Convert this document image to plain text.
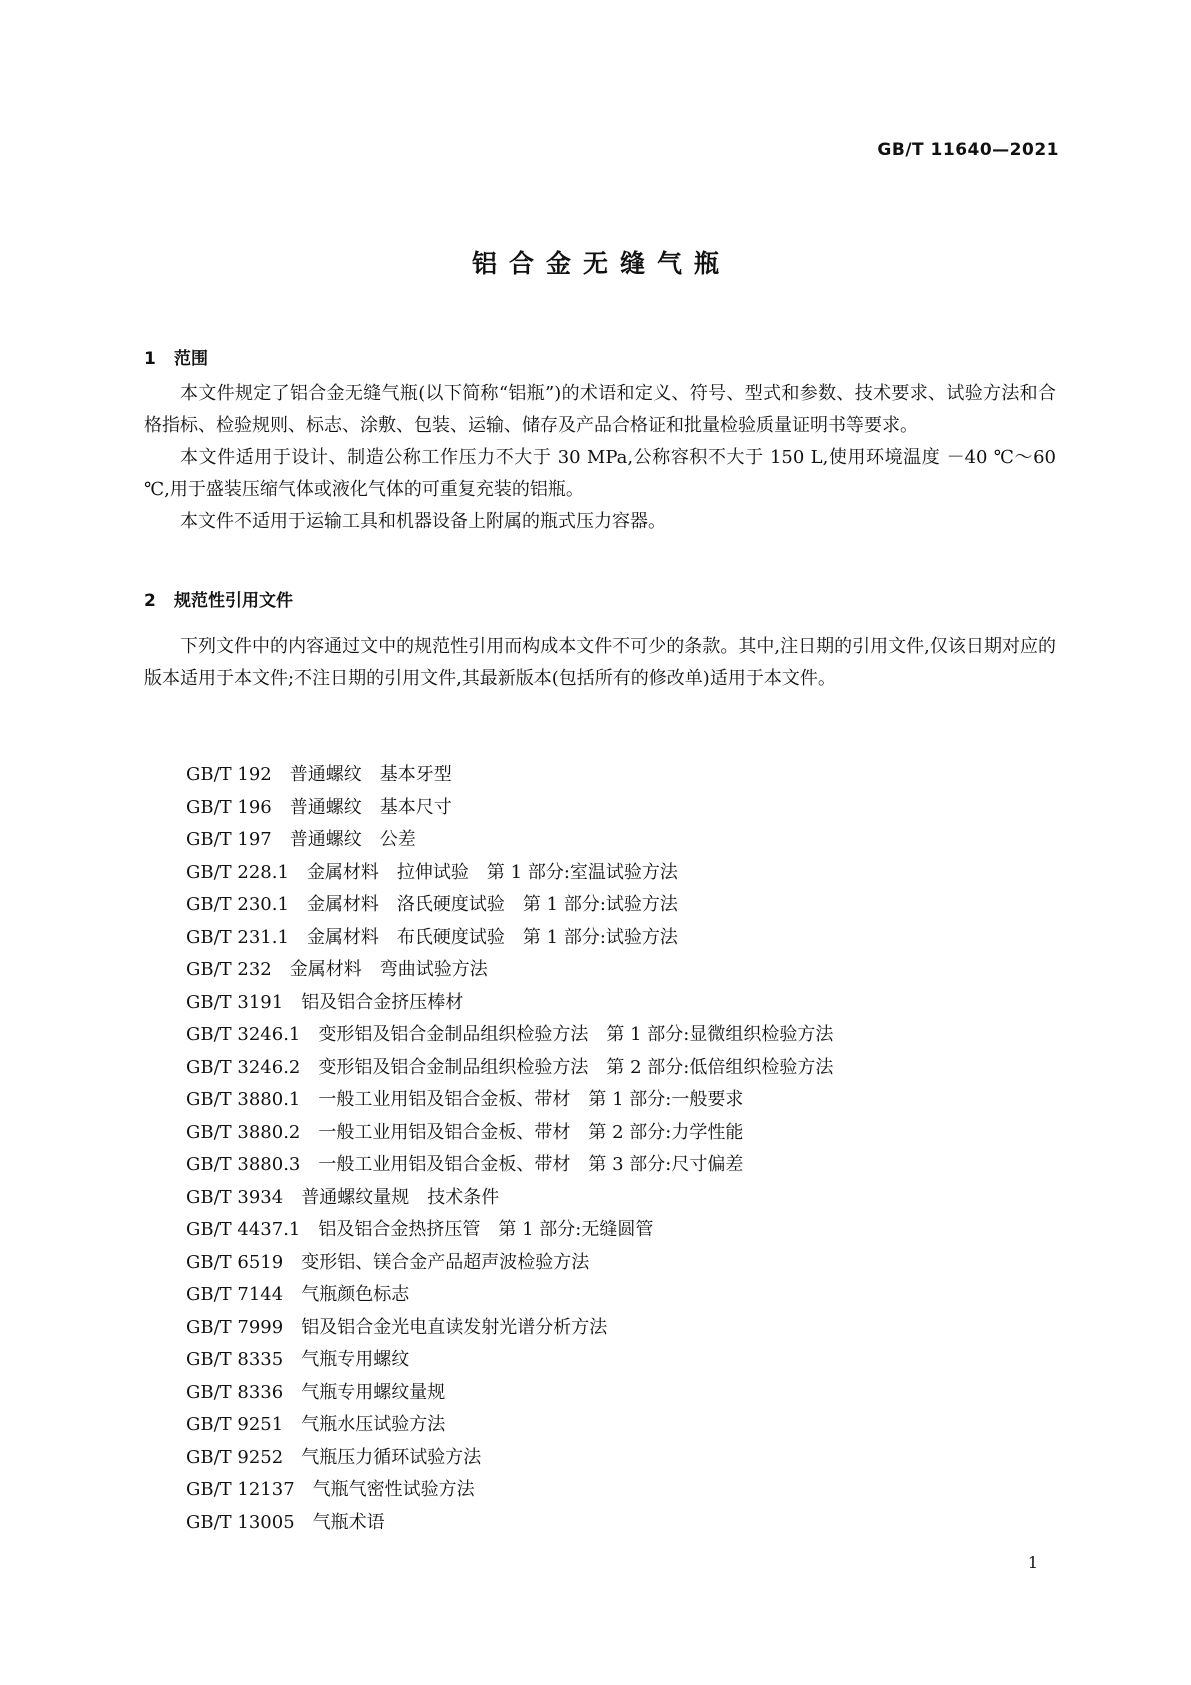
GB/T 11640—2021
铝合金无缝气瓶
1 范围

本文件规定了铝合金无缝气瓶(以下简称“铝瓶”)的术语和定义、符号、型式和参数、技术要求、试验方法和合格指标、检验规则、标志、涂敷、包装、运输、储存及产品合格证和批量检验质量证明书等要求。

本文件适用于设计、制造公称工作压力不大于 30 MPa,公称容积不大于 150 L,使用环境温度 －40 ℃～60 ℃,用于盛装压缩气体或液化气体的可重复充装的铝瓶。

本文件不适用于运输工具和机器设备上附属的瓶式压力容器。

2 规范性引用文件

下列文件中的内容通过文中的规范性引用而构成本文件不可少的条款。其中,注日期的引用文件,仅该日期对应的版本适用于本文件;不注日期的引用文件,其最新版本(包括所有的修改单)适用于本文件。

GB/T 192 普通螺纹　基本牙型
GB/T 196 普通螺纹　基本尺寸
GB/T 197 普通螺纹　公差
GB/T 228.1 金属材料　拉伸试验　第 1 部分:室温试验方法
GB/T 230.1 金属材料　洛氏硬度试验　第 1 部分:试验方法
GB/T 231.1 金属材料　布氏硬度试验　第 1 部分:试验方法
GB/T 232 金属材料　弯曲试验方法
GB/T 3191 铝及铝合金挤压棒材
GB/T 3246.1 变形铝及铝合金制品组织检验方法　第 1 部分:显微组织检验方法
GB/T 3246.2 变形铝及铝合金制品组织检验方法　第 2 部分:低倍组织检验方法
GB/T 3880.1 一般工业用铝及铝合金板、带材　第 1 部分:一般要求
GB/T 3880.2 一般工业用铝及铝合金板、带材　第 2 部分:力学性能
GB/T 3880.3 一般工业用铝及铝合金板、带材　第 3 部分:尺寸偏差
GB/T 3934 普通螺纹量规　技术条件
GB/T 4437.1 铝及铝合金热挤压管　第 1 部分:无缝圆管
GB/T 6519 变形铝、镁合金产品超声波检验方法
GB/T 7144 气瓶颜色标志
GB/T 7999 铝及铝合金光电直读发射光谱分析方法
GB/T 8335 气瓶专用螺纹
GB/T 8336 气瓶专用螺纹量规
GB/T 9251 气瓶水压试验方法
GB/T 9252 气瓶压力循环试验方法
GB/T 12137 气瓶气密性试验方法
GB/T 13005 气瓶术语
1
